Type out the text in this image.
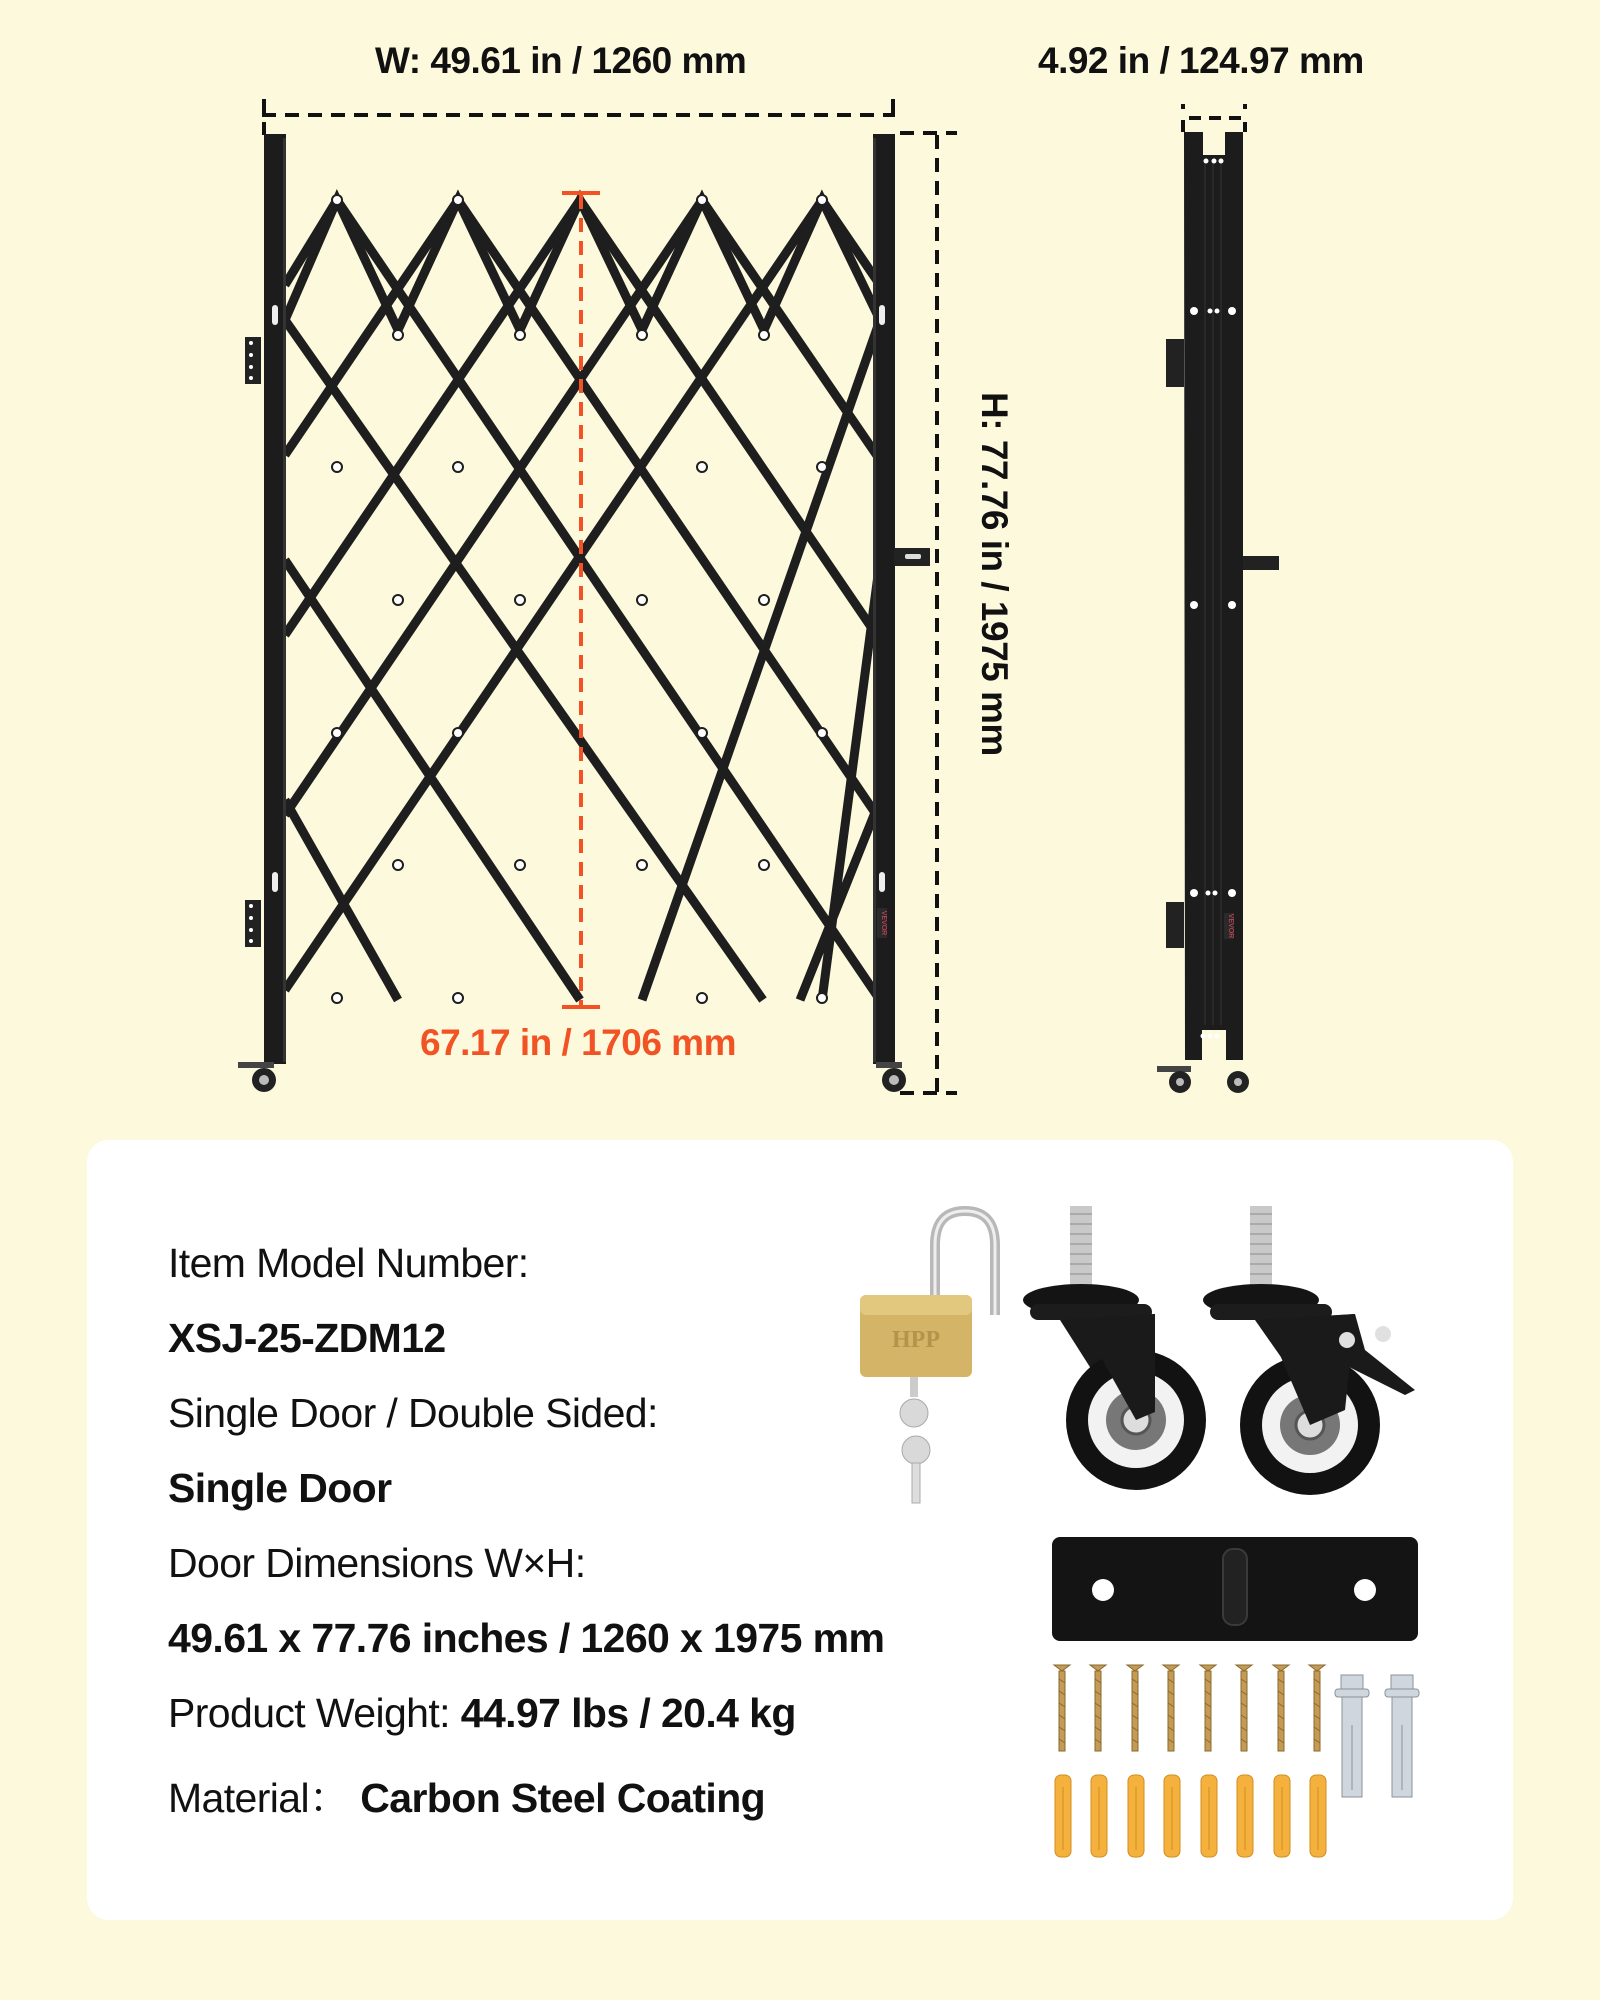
W: 49.61 in / 1260 mm
VEVOR
67.17 in / 1706 mm
H: 77.76 in / 1975 mm
4.92 in / 124.97 mm
VEVOR
Item Model Number:
XSJ-25-ZDM12
Single Door / Double Sided:
Single Door
Door Dimensions W×H:
49.61 x 77.76 inches / 1260 x 1975 mm
Product Weight: 44.97 lbs / 20.4 kg
Material： Carbon Steel Coating
HPP
